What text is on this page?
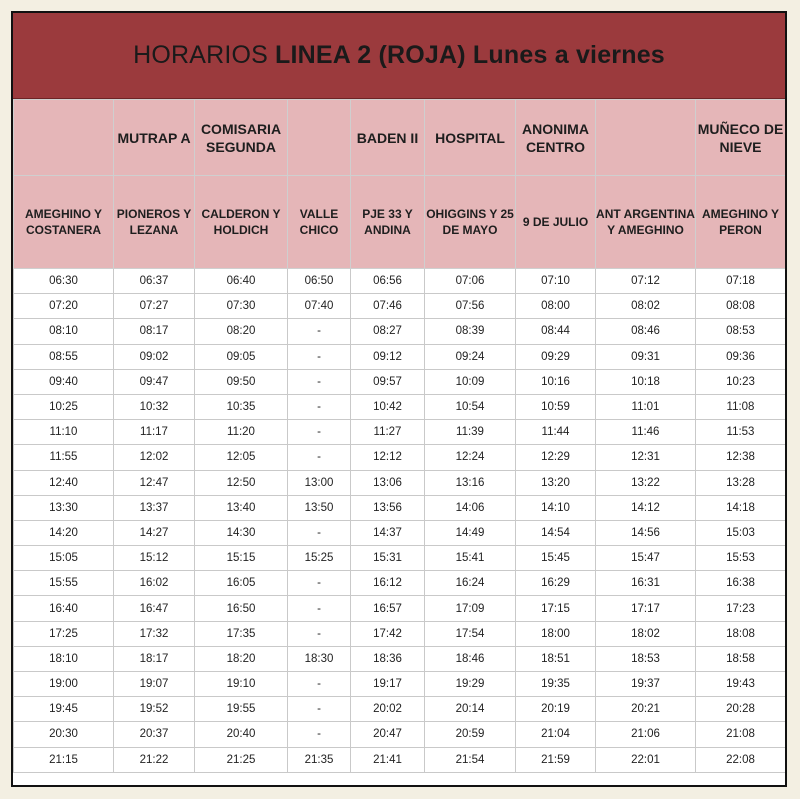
HORARIOS LINEA 2 (ROJA) Lunes a viernes
	MUTRAP A	COMISARIA SEGUNDA		BADEN II	HOSPITAL	ANONIMA CENTRO		MUÑECO DE NIEVE
AMEGHINO Y COSTANERA	PIONEROS Y LEZANA	CALDERON Y HOLDICH	VALLE CHICO	PJE 33 Y ANDINA	OHIGGINS Y 25 DE MAYO	9 DE JULIO	ANT ARGENTINA Y AMEGHINO	AMEGHINO Y PERON
06:30	06:37	06:40	06:50	06:56	07:06	07:10	07:12	07:18
07:20	07:27	07:30	07:40	07:46	07:56	08:00	08:02	08:08
08:10	08:17	08:20	-	08:27	08:39	08:44	08:46	08:53
08:55	09:02	09:05	-	09:12	09:24	09:29	09:31	09:36
09:40	09:47	09:50	-	09:57	10:09	10:16	10:18	10:23
10:25	10:32	10:35	-	10:42	10:54	10:59	11:01	11:08
11:10	11:17	11:20	-	11:27	11:39	11:44	11:46	11:53
11:55	12:02	12:05	-	12:12	12:24	12:29	12:31	12:38
12:40	12:47	12:50	13:00	13:06	13:16	13:20	13:22	13:28
13:30	13:37	13:40	13:50	13:56	14:06	14:10	14:12	14:18
14:20	14:27	14:30	-	14:37	14:49	14:54	14:56	15:03
15:05	15:12	15:15	15:25	15:31	15:41	15:45	15:47	15:53
15:55	16:02	16:05	-	16:12	16:24	16:29	16:31	16:38
16:40	16:47	16:50	-	16:57	17:09	17:15	17:17	17:23
17:25	17:32	17:35	-	17:42	17:54	18:00	18:02	18:08
18:10	18:17	18:20	18:30	18:36	18:46	18:51	18:53	18:58
19:00	19:07	19:10	-	19:17	19:29	19:35	19:37	19:43
19:45	19:52	19:55	-	20:02	20:14	20:19	20:21	20:28
20:30	20:37	20:40	-	20:47	20:59	21:04	21:06	21:08
21:15	21:22	21:25	21:35	21:41	21:54	21:59	22:01	22:08
